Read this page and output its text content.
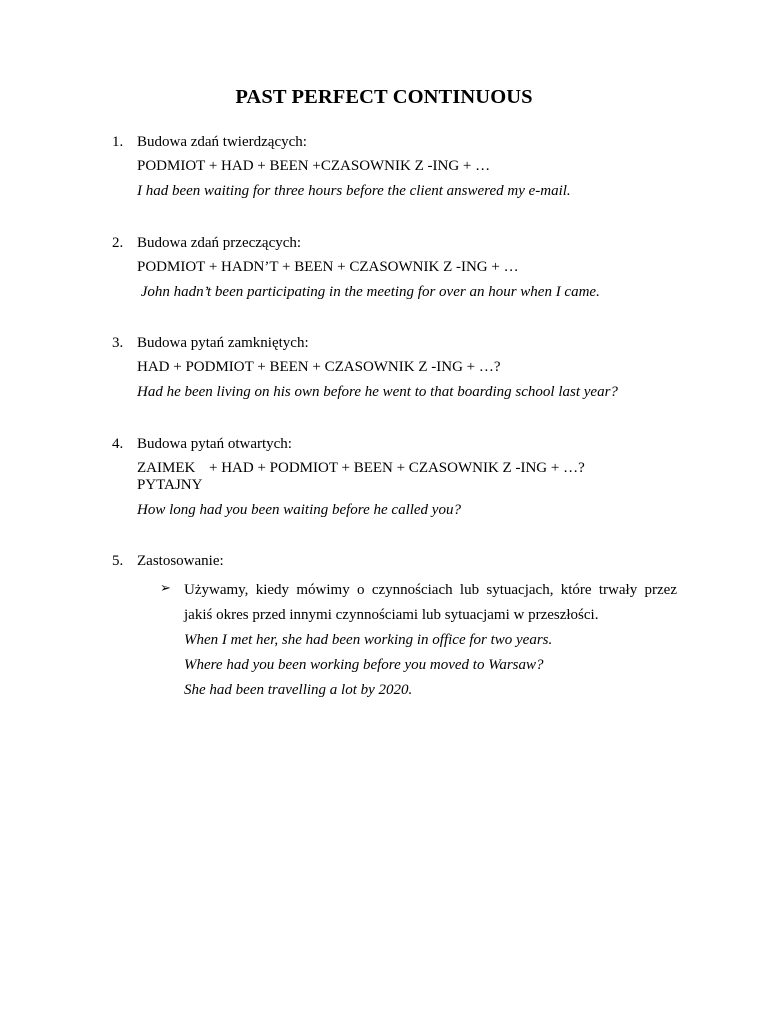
PAST PERFECT CONTINUOUS
1. Budowa zdań twierdzących:
PODMIOT + HAD + BEEN +CZASOWNIK Z -ING + …
I had been waiting for three hours before the client answered my e-mail.
2. Budowa zdań przeczących:
PODMIOT + HADN’T + BEEN + CZASOWNIK Z -ING + …
John hadn’t been participating in the meeting for over an hour when I came.
3. Budowa pytań zamkniętych:
HAD + PODMIOT + BEEN + CZASOWNIK Z -ING + …?
Had he been living on his own before he went to that boarding school last year?
4. Budowa pytań otwartych:
ZAIMEK
PYTAJNY
+ HAD + PODMIOT + BEEN + CZASOWNIK Z -ING + …?
How long had you been waiting before he called you?
5. Zastosowanie:
➢ Używamy, kiedy mówimy o czynnościach lub sytuacjach, które trwały przez jakiś okres przed innymi czynnościami lub sytuacjami w przeszłości.
When I met her, she had been working in office for two years.
Where had you been working before you moved to Warsaw?
She had been travelling a lot by 2020.
